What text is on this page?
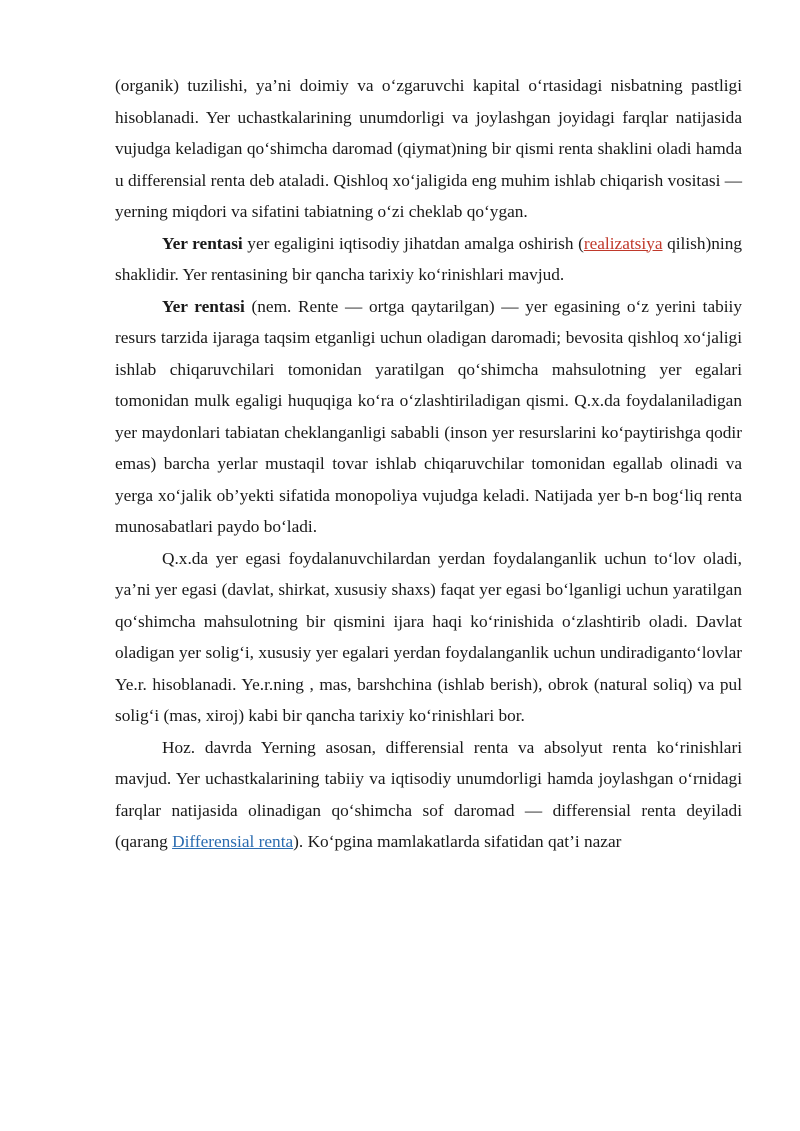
(organik) tuzilishi, ya’ni doimiy va o‘zgaruvchi kapital o‘rtasidagi nisbatning pastligi hisoblanadi. Yer uchastkalarining unumdorligi va joylashgan joyidagi farqlar natijasida vujudga keladigan qo‘shimcha daromad (qiymat)ning bir qismi renta shaklini oladi hamda u differensial renta deb ataladi. Qishloq xo‘jaligida eng muhim ishlab chiqarish vositasi — yerning miqdori va sifatini tabiatning o‘zi cheklab qo‘ygan.

Yer rentasi yer egaligini iqtisodiy jihatdan amalga oshirish (realizatsiya qilish)ning shaklidir. Yer rentasining bir qancha tarixiy ko‘rinishlari mavjud.

Yer rentasi (nem. Rente — ortga qaytarilgan) — yer egasining o‘z yerini tabiiy resurs tarzida ijaraga taqsim etganligi uchun oladigan daromadi; bevosita qishloq xo‘jaligi ishlab chiqaruvchilari tomonidan yaratilgan qo‘shimcha mahsulotning yer egalari tomonidan mulk egaligi huquqiga ko‘ra o‘zlashtiriladigan qismi. Q.x.da foydalaniladigan yer maydonlari tabiatan cheklanganligi sababli (inson yer resurslarini ko‘paytirishga qodir emas) barcha yerlar mustaqil tovar ishlab chiqaruvchilar tomonidan egallab olinadi va yerga xo‘jalik ob’yekti sifatida monopoliya vujudga keladi. Natijada yer b-n bog‘liq renta munosabatlari paydo bo‘ladi.

Q.x.da yer egasi foydalanuvchilardan yerdan foydalanganlik uchun to‘lov oladi, ya’ni yer egasi (davlat, shirkat, xususiy shaxs) faqat yer egasi bo‘lganligi uchun yaratilgan qo‘shimcha mahsulotning bir qismini ijara haqi ko‘rinishida o‘zlashtirib oladi. Davlat oladigan yer solig‘i, xususiy yer egalari yerdan foydalanganlik uchun undiradiganto‘lovlar Ye.r. hisoblanadi. Ye.r.ning , mas, barshchina (ishlab berish), obrok (natural soliq) va pul solig‘i (mas, xiroj) kabi bir qancha tarixiy ko‘rinishlari bor.

Hoz. davrda Yerning asosan, differensial renta va absolyut renta ko‘rinishlari mavjud. Yer uchastkalarining tabiiy va iqtisodiy unumdorligi hamda joylashgan o‘rnidagi farqlar natijasida olinadigan qo‘shimcha sof daromad — differensial renta deyiladi (qarang Differensial renta). Ko‘pgina mamlakatlarda sifatidan qat’i nazar
